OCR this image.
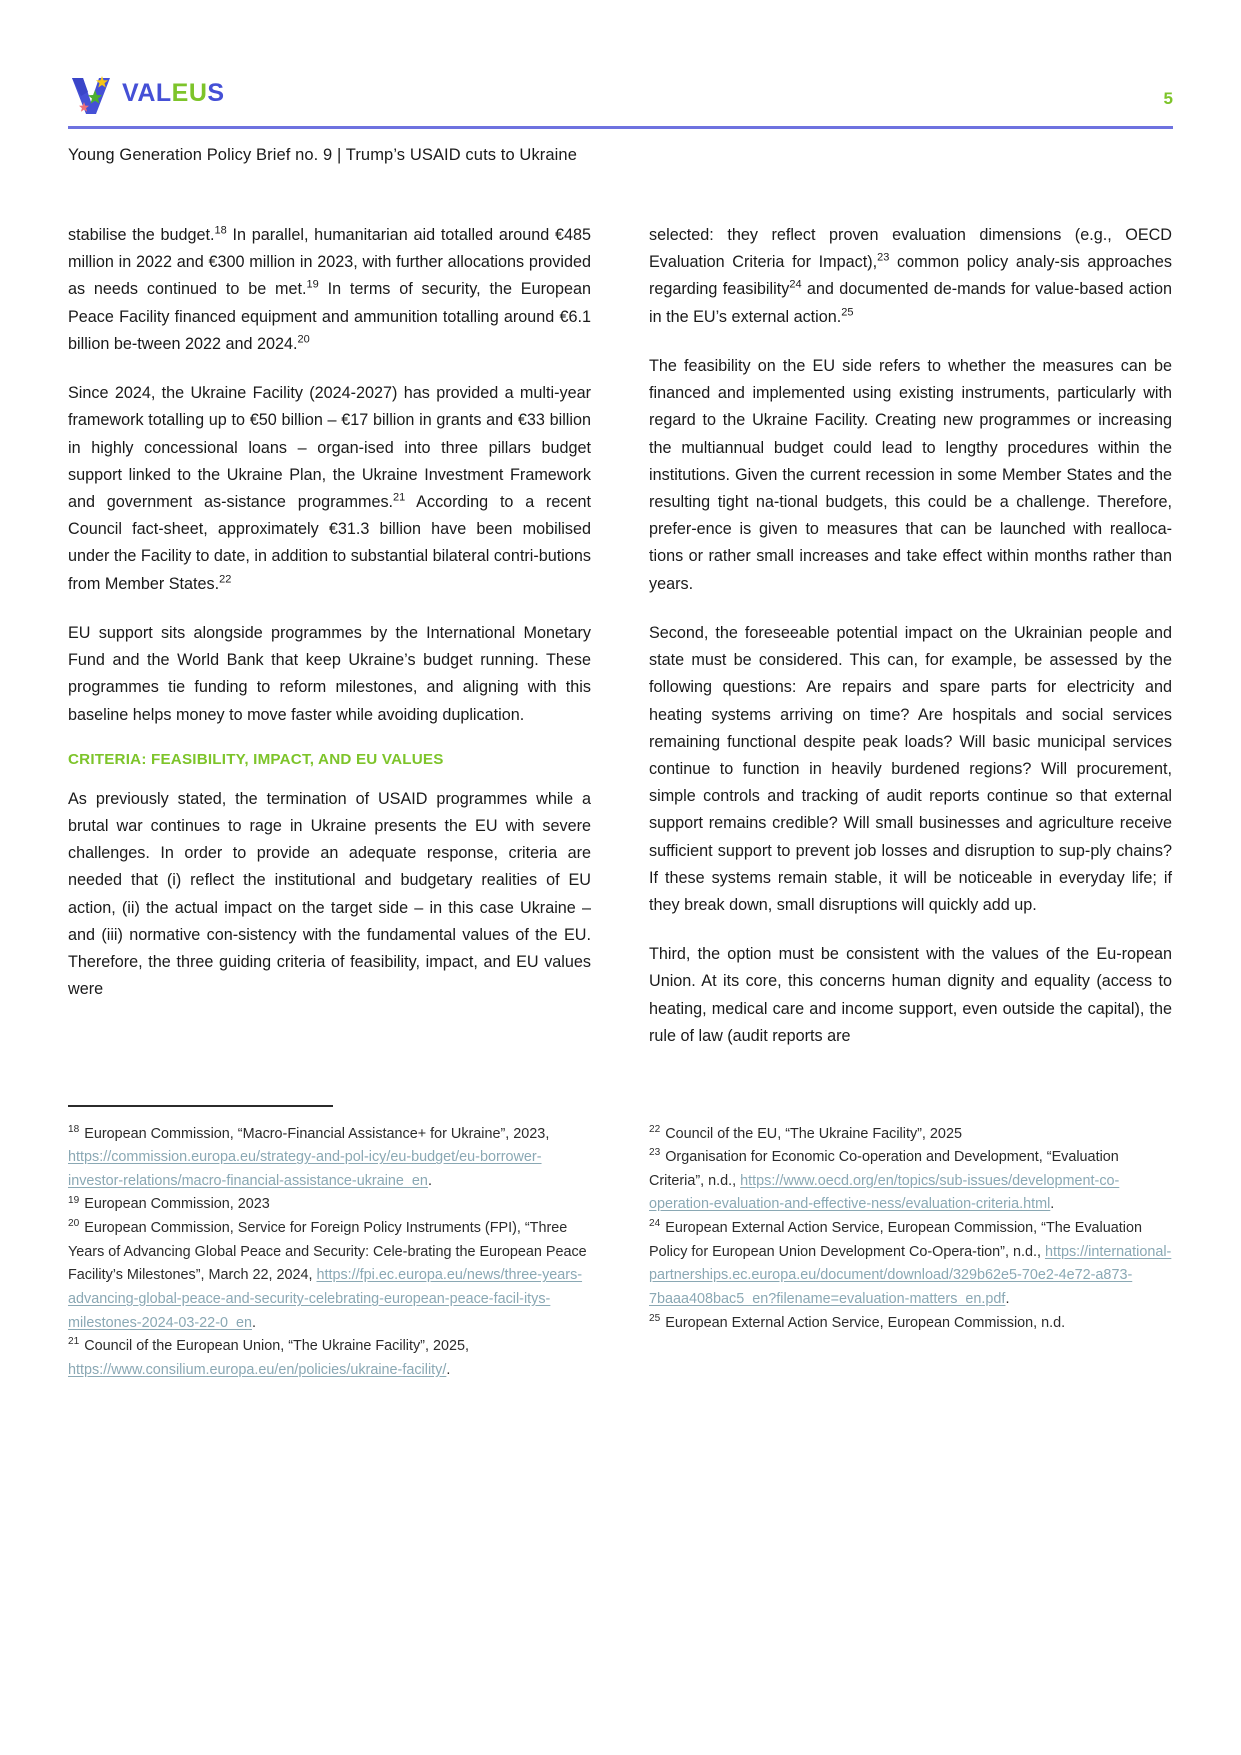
VALEUS	5
Young Generation Policy Brief no. 9 | Trump’s USAID cuts to Ukraine

stabilise the budget.$^{18}$ In parallel, humanitarian aid totalled around €485 million in 2022 and €300 million in 2023, with further allocations provided as needs continued to be met.$^{19}$ In terms of security, the European Peace Facility financed equipment and ammunition totalling around €6.1 billion be-tween 2022 and 2024.20

Since 2024, the Ukraine Facility (2024-2027) has provided a multi-year framework totalling up to €50 billion – €17 billion in grants and €33 billion in highly concessional loans – organ-ised into three pillars budget support linked to the Ukraine Plan, the Ukraine Investment Framework and government as-sistance programmes.$^{21}$ According to a recent Council fact-sheet, approximately €31.3 billion have been mobilised under the Facility to date, in addition to substantial bilateral contri-butions from Member States.$^{22}$

EU support sits alongside programmes by the International Monetary Fund and the World Bank that keep Ukraine’s budget running. These programmes tie funding to reform milestones, and aligning with this baseline helps money to move faster while avoiding duplication.

CRITERIA: FEASIBILITY, IMPACT, AND EU VALUES

As previously stated, the termination of USAID programmes while a brutal war continues to rage in Ukraine presents the EU with severe challenges. In order to provide an adequate response, criteria are needed that (i) reflect the institutional and budgetary realities of EU action, (ii) the actual impact on the target side – in this case Ukraine – and (iii) normative con-sistency with the fundamental values of the EU. Therefore, the three guiding criteria of feasibility, impact, and EU values were

selected: they reflect proven evaluation dimensions (e.g., OECD Evaluation Criteria for Impact),$^{23}$ common policy analy-sis approaches regarding feasibility$^{24}$ and documented de-mands for value-based action in the EU’s external action.$^{25}$

The feasibility on the EU side refers to whether the measures can be financed and implemented using existing instruments, particularly with regard to the Ukraine Facility. Creating new programmes or increasing the multiannual budget could lead to lengthy procedures within the institutions. Given the current recession in some Member States and the resulting tight na-tional budgets, this could be a challenge. Therefore, prefer-ence is given to measures that can be launched with realloca-tions or rather small increases and take effect within months rather than years.

Second, the foreseeable potential impact on the Ukrainian people and state must be considered. This can, for example, be assessed by the following questions: Are repairs and spare parts for electricity and heating systems arriving on time? Are hospitals and social services remaining functional despite peak loads? Will basic municipal services continue to function in heavily burdened regions? Will procurement, simple controls and tracking of audit reports continue so that external support remains credible? Will small businesses and agriculture receive sufficient support to prevent job losses and disruption to sup-ply chains? If these systems remain stable, it will be noticeable in everyday life; if they break down, small disruptions will quickly add up.

Third, the option must be consistent with the values of the Eu-ropean Union. At its core, this concerns human dignity and equality (access to heating, medical care and income support, even outside the capital), the rule of law (audit reports are

$^{18}$ European Commission, “Macro-Financial Assistance+ for Ukraine”, 2023, https://commission.europa.eu/strategy-and-pol-icy/eu-budget/eu-borrower-investor-relations/macro-financial-assistance-ukraine_en.

$^{19}$ European Commission, 2023

$^{20}$ European Commission, Service for Foreign Policy Instruments (FPI), “Three Years of Advancing Global Peace and Security: Cele-brating the European Peace Facility’s Milestones”, March 22, 2024, https://fpi.ec.europa.eu/news/three-years-advancing-global-peace-and-security-celebrating-european-peace-facil-itys-milestones-2024-03-22-0_en.

$^{21}$ Council of the European Union, “The Ukraine Facility”, 2025, https://www.consilium.europa.eu/en/policies/ukraine-facility/.

$^{22}$ Council of the EU, “The Ukraine Facility”, 2025

$^{23}$ Organisation for Economic Co-operation and Development, “Evaluation Criteria”, n.d., https://www.oecd.org/en/topics/sub-issues/development-co-operation-evaluation-and-effective-ness/evaluation-criteria.html.

$^{24}$ European External Action Service, European Commission, “The Evaluation Policy for European Union Development Co-Opera-tion”, n.d., https://international-partnerships.ec.europa.eu/document/download/329b62e5-70e2-4e72-a873-7baaa408bac5_en?filename=evaluation-matters_en.pdf.

$^{25}$ European External Action Service, European Commission, n.d.
